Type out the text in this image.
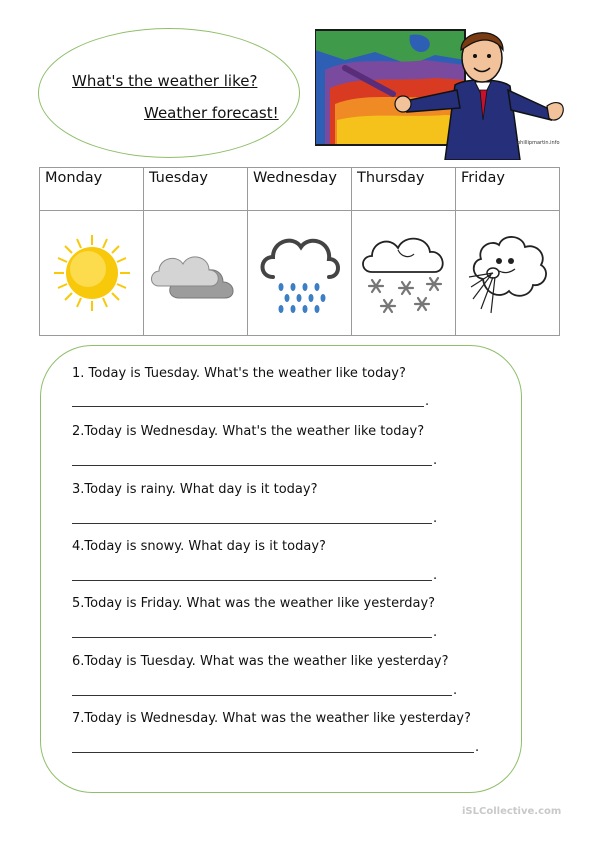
What's the weather like?
Weather forecast!
phillipmartin.info
Monday	Tuesday	Wednesday	Thursday	Friday

1. Today is Tuesday. What's the weather like today?
.
2.Today is Wednesday. What's the weather like today?
.
3.Today is rainy. What day is it today?
.
4.Today is snowy. What day is it today?
.
5.Today is Friday. What was the weather like yesterday?
.
6.Today is Tuesday. What was the weather like yesterday?
.
7.Today is Wednesday. What was the weather like yesterday?
.
iSLCollective.com
